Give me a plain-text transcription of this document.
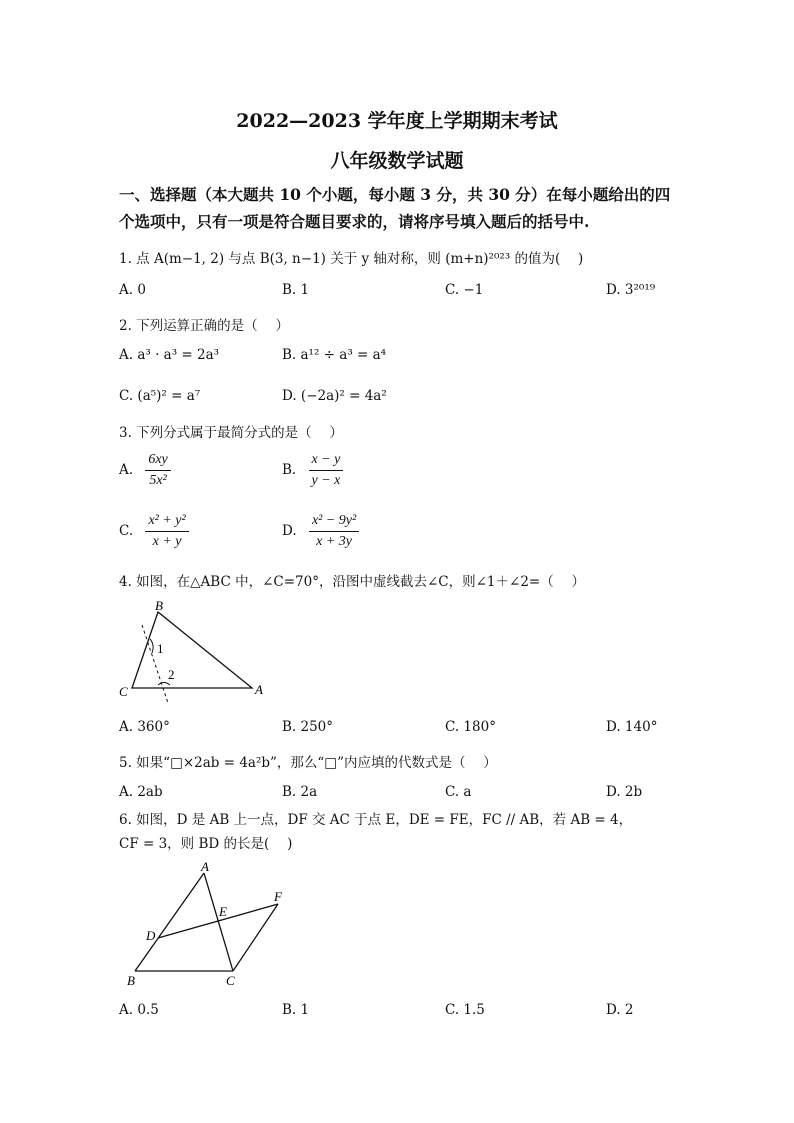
2022—2023 学年度上学期期末考试
八年级数学试题
一、选择题（本大题共 10 个小题，每小题 3 分，共 30 分）在每小题给出的四
个选项中，只有一项是符合题目要求的，请将序号填入题后的括号中.
1. 点 A(m−1, 2) 与点 B(3, n−1) 关于 y 轴对称，则 (m+n)²⁰²³ 的值为(　 )
A. 0	B. 1	C. −1	D. 3²⁰¹⁹
2. 下列运算正确的是（　 ）
A. a³ · a³ = 2a³	B. a¹² ÷ a³ = a⁴
C. (a⁵)² = a⁷	D. (−2a)² = 4a²
3. 下列分式属于最简分式的是（　 ）
A. $\frac{6xy}{\text{5x²}}$	B. $\frac{x - y}{y - x}$
C. $\frac{\text{x² + y²}}{x + y}$	D. $\frac{\text{x² − 9y²}}{x + 3y}$
4. 如图，在△ABC 中，∠C=70°，沿图中虚线截去∠C，则∠1＋∠2=（　 ）
B
C	A
1
2
A. 360°	B. 250°	C. 180°	D. 140°
5. 如果“□×2ab = 4a²b”，那么“□”内应填的代数式是（　 ）
A. 2ab	B. 2a	C. a	D. 2b
6. 如图，D 是 AB 上一点，DF 交 AC 于点 E，DE = FE，FC // AB，若 AB = 4，
CF = 3，则 BD 的长是(　 )
A
B	C
D
E
F
A. 0.5	B. 1	C. 1.5	D. 2
